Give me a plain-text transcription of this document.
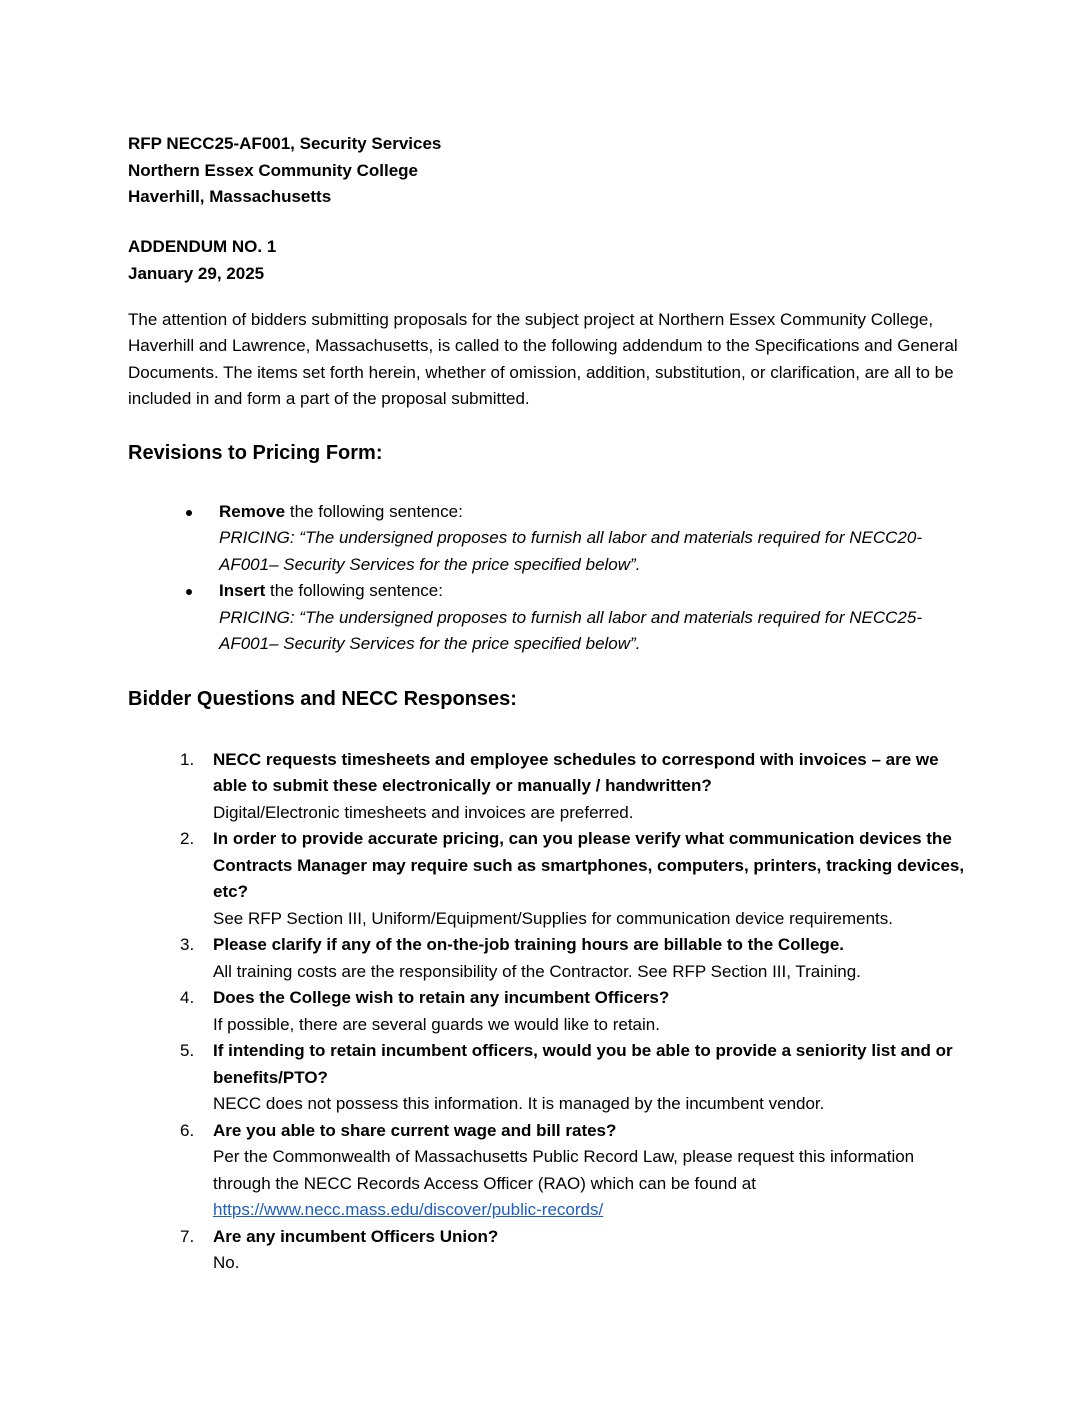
RFP NECC25-AF001, Security Services
Northern Essex Community College
Haverhill, Massachusetts
ADDENDUM NO. 1
January 29, 2025

The attention of bidders submitting proposals for the subject project at Northern Essex Community College, Haverhill and Lawrence, Massachusetts, is called to the following addendum to the Specifications and General Documents. The items set forth herein, whether of omission, addition, substitution, or clarification, are all to be included in and form a part of the proposal submitted.

Revisions to Pricing Form:
Remove the following sentence:
PRICING: “The undersigned proposes to furnish all labor and materials required for NECC20-AF001– Security Services for the price specified below”.
Insert the following sentence:
PRICING: “The undersigned proposes to furnish all labor and materials required for NECC25-AF001– Security Services for the price specified below”.
Bidder Questions and NECC Responses:
1. NECC requests timesheets and employee schedules to correspond with invoices – are we able to submit these electronically or manually / handwritten?
Digital/Electronic timesheets and invoices are preferred.
2. In order to provide accurate pricing, can you please verify what communication devices the Contracts Manager may require such as smartphones, computers, printers, tracking devices, etc?
See RFP Section III, Uniform/Equipment/Supplies for communication device requirements.
3. Please clarify if any of the on-the-job training hours are billable to the College.
All training costs are the responsibility of the Contractor. See RFP Section III, Training.
4. Does the College wish to retain any incumbent Officers?
If possible, there are several guards we would like to retain.
5. If intending to retain incumbent officers, would you be able to provide a seniority list and or benefits/PTO?
NECC does not possess this information. It is managed by the incumbent vendor.
6. Are you able to share current wage and bill rates?
Per the Commonwealth of Massachusetts Public Record Law, please request this information through the NECC Records Access Officer (RAO) which can be found at
https://www.necc.mass.edu/discover/public-records/
7. Are any incumbent Officers Union?
No.
